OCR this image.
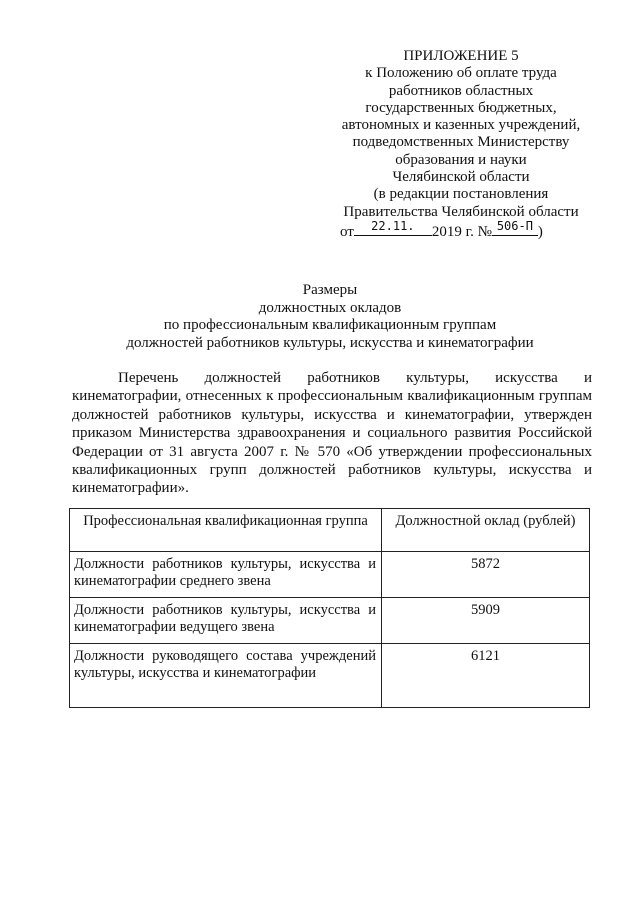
ПРИЛОЖЕНИЕ 5
к Положению об оплате труда
работников областных
государственных бюджетных,
автономных и казенных учреждений,
подведомственных Министерству
образования и науки
Челябинской области
(в редакции постановления
Правительства Челябинской области
от	22.11.	2019 г. № 506-П )
Размеры
должностных окладов
по профессиональным квалификационным группам
должностей работников культуры, искусства и кинематографии
Перечень должностей работников культуры, искусства и кинематографии, отнесенных к профессиональным квалификационным группам должностей работников культуры, искусства и кинематографии, утвержден приказом Министерства здравоохранения и социального развития Российской Федерации от 31 августа 2007 г. № 570 «Об утверждении профессиональных квалификационных групп должностей работников культуры, искусства и кинематографии».
Профессиональная квалификационная группа	Должностной оклад (рублей)
Должности работников культуры, искусства и кинематографии среднего звена	5872
Должности работников культуры, искусства и кинематографии ведущего звена	5909
Должности руководящего состава учреждений культуры, искусства и кинематографии	6121
